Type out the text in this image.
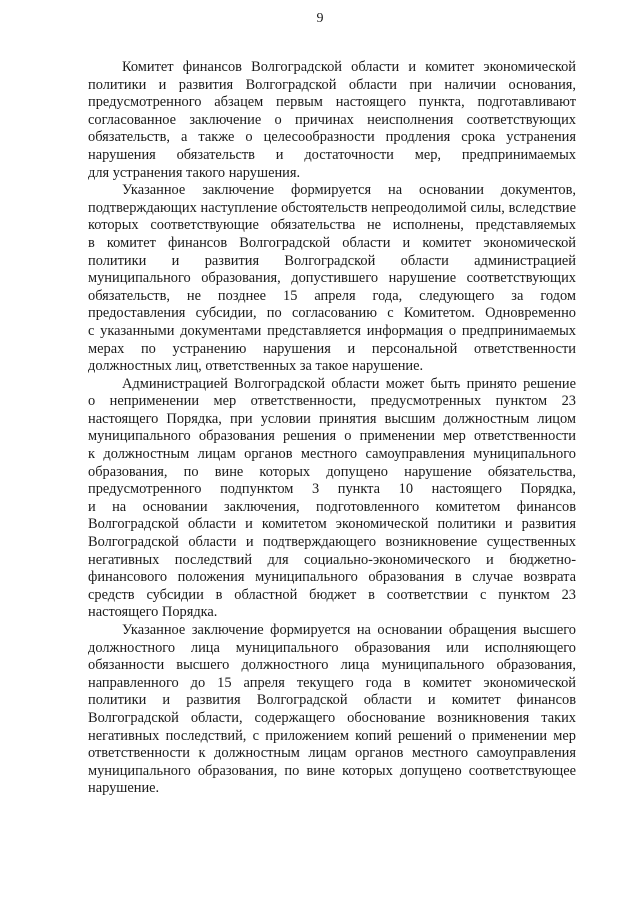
9

Комитет финансов Волгоградской области и комитет экономической
политики и развития Волгоградской области при наличии основания,
предусмотренного абзацем первым настоящего пункта, подготавливают
согласованное заключение о причинах неисполнения соответствующих
обязательств, а также о целесообразности продления срока устранения
нарушения обязательств и достаточности мер, предпринимаемых
для устранения такого нарушения.

Указанное заключение формируется на основании документов,
подтверждающих наступление обстоятельств непреодолимой силы, вследствие
которых соответствующие обязательства не исполнены, представляемых
в комитет финансов Волгоградской области и комитет экономической
политики и развития Волгоградской области администрацией
муниципального образования, допустившего нарушение соответствующих
обязательств, не позднее 15 апреля года, следующего за годом
предоставления субсидии, по согласованию с Комитетом. Одновременно
с указанными документами представляется информация о предпринимаемых
мерах по устранению нарушения и персональной ответственности
должностных лиц, ответственных за такое нарушение.

Администрацией Волгоградской области может быть принято решение
о неприменении мер ответственности, предусмотренных пунктом 23
настоящего Порядка, при условии принятия высшим должностным лицом
муниципального образования решения о применении мер ответственности
к должностным лицам органов местного самоуправления муниципального
образования, по вине которых допущено нарушение обязательства,
предусмотренного подпунктом 3 пункта 10 настоящего Порядка,
и на основании заключения, подготовленного комитетом финансов
Волгоградской области и комитетом экономической политики и развития
Волгоградской области и подтверждающего возникновение существенных
негативных последствий для социально-экономического и бюджетно-
финансового положения муниципального образования в случае возврата
средств субсидии в областной бюджет в соответствии с пунктом 23
настоящего Порядка.

Указанное заключение формируется на основании обращения высшего
должностного лица муниципального образования или исполняющего
обязанности высшего должностного лица муниципального образования,
направленного до 15 апреля текущего года в комитет экономической
политики и развития Волгоградской области и комитет финансов
Волгоградской области, содержащего обоснование возникновения таких
негативных последствий, с приложением копий решений о применении мер
ответственности к должностным лицам органов местного самоуправления
муниципального образования, по вине которых допущено соответствующее
нарушение.
